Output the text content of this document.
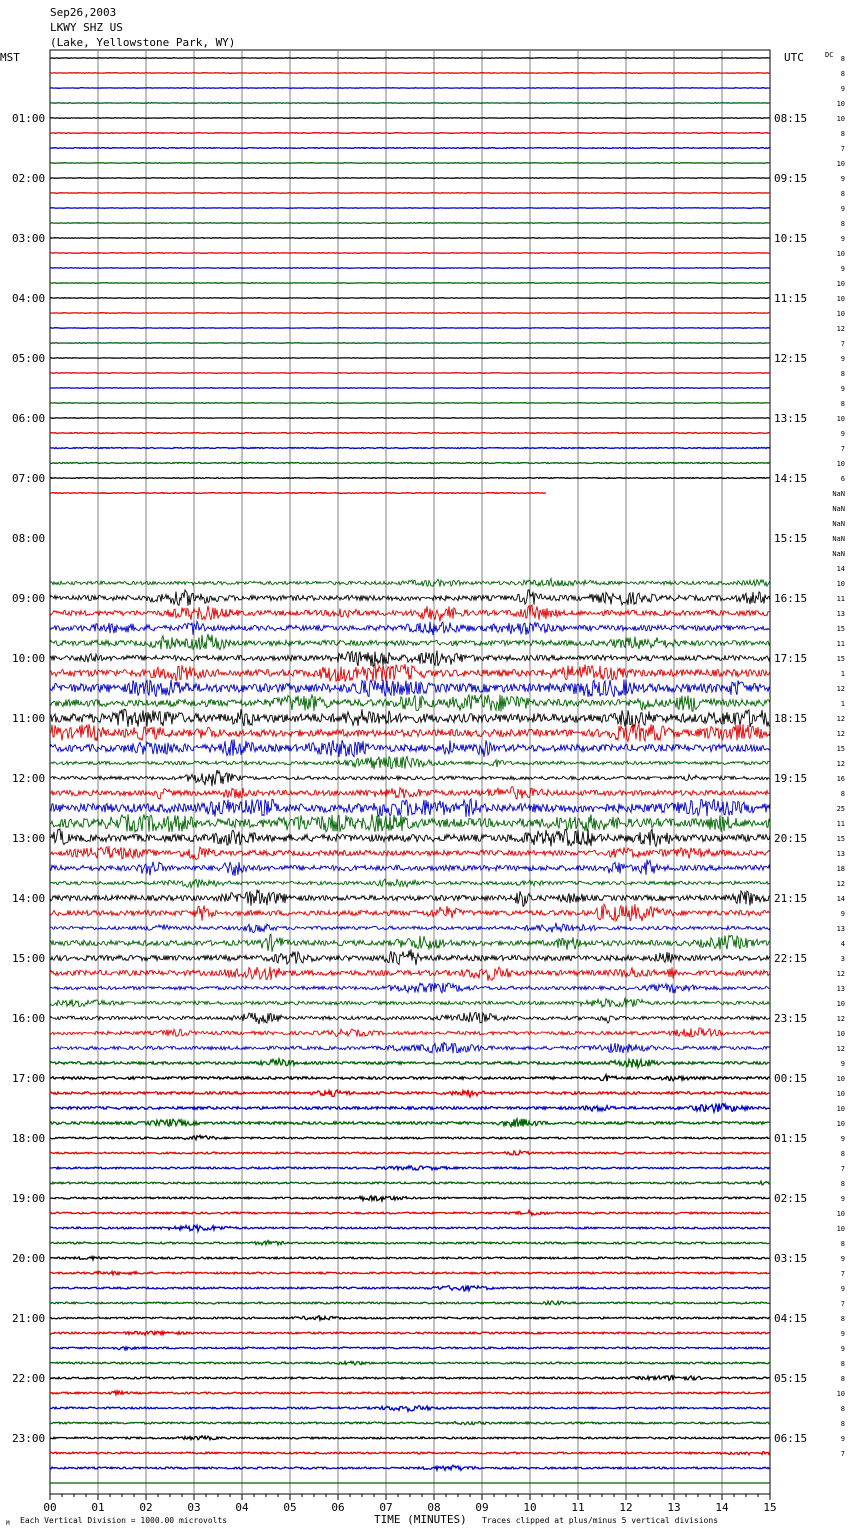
Sep26,2003
LKWY SHZ US
(Lake, Yellowstone Park, WY)
MST	UTC	DC
01:00
02:00
03:00
04:00
05:00
06:00
07:00
08:00
09:00
10:00
11:00
12:00
13:00
14:00
15:00
16:00
17:00
18:00
19:00
20:00
21:00
22:00
23:00
08:15
09:15
10:15
11:15
12:15
13:15
14:15
15:15
16:15
17:15
18:15
19:15
20:15
21:15
22:15
23:15
00:15
01:15
02:15
03:15
04:15
05:15
06:15
8
8
9
10
10
8
7
10
9
8
9
8
9
10
9
10
10
10
12
7
9
8
9
8
10
9
7
10
6
NaN
NaN
NaN
NaN
NaN
14
10
11
13
15
11
15
1
12
1
12
12
15
12
16
8
25
11
15
13
18
12
14
9
13
4
3
12
13
10
12
10
12
9
10
10
10
10
9
8
7
8
9
10
10
8
9
7
9
7
8
9
9
8
8
10
8
8
9
7
00	01	02	03	04	05	06	07	08	09	10	11	12	13	14	15
M Each Vertical Division = 1000.00 microvolts	TIME (MINUTES) Traces clipped at plus/minus 5 vertical divisions
